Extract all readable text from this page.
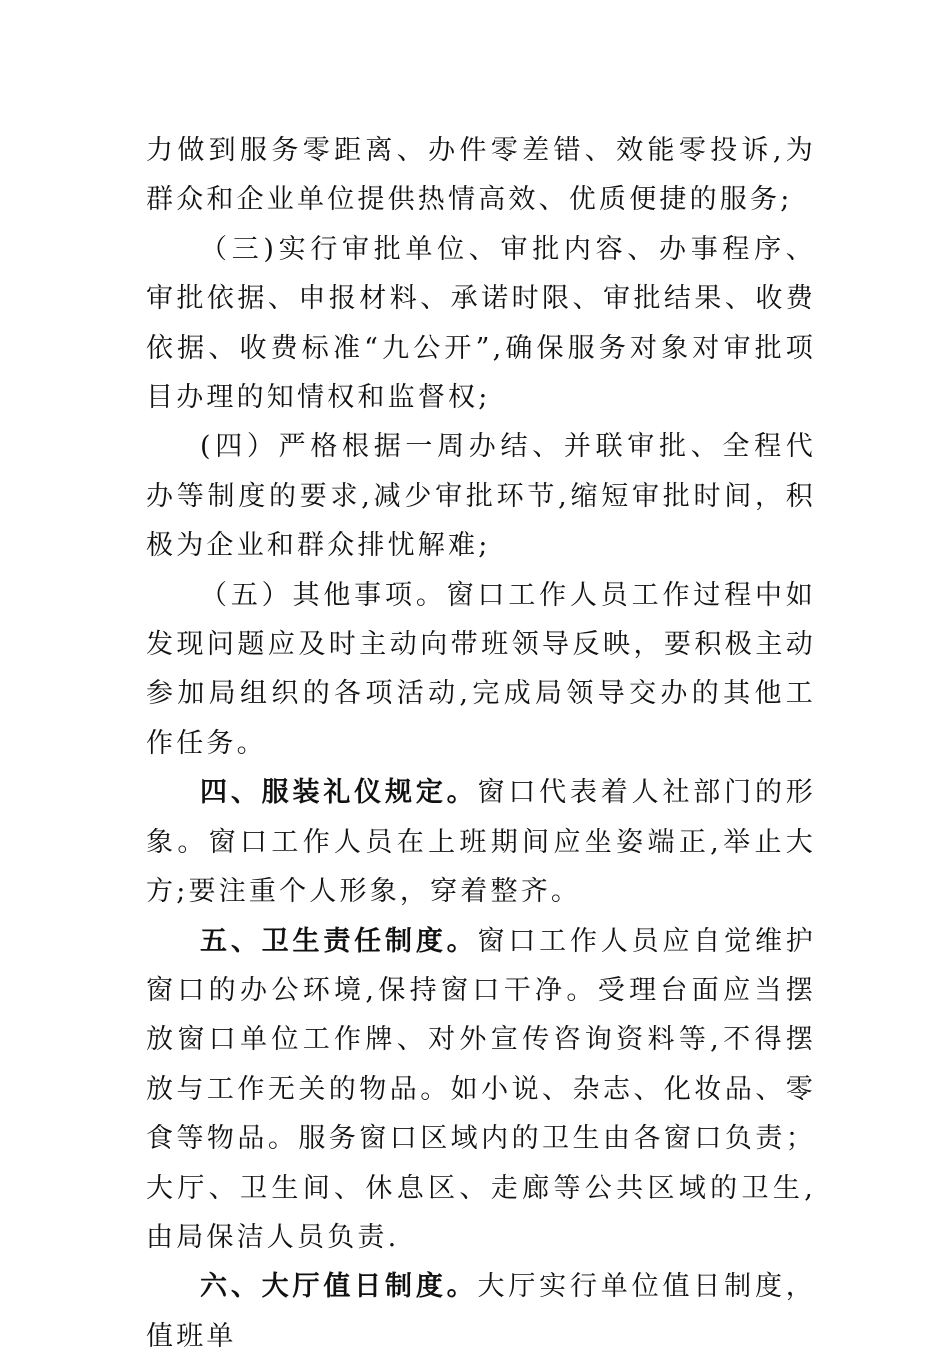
力做到服务零距离、办件零差错、效能零投诉,为群众和企业单位提供热情高效、优质便捷的服务;

（三)实行审批单位、审批内容、办事程序、审批依据、申报材料、承诺时限、审批结果、收费依据、收费标准“九公开”,确保服务对象对审批项目办理的知情权和监督权;

(四）严格根据一周办结、并联审批、全程代办等制度的要求,减少审批环节,缩短审批时间，积极为企业和群众排忧解难;

（五）其他事项。窗口工作人员工作过程中如发现问题应及时主动向带班领导反映，要积极主动参加局组织的各项活动,完成局领导交办的其他工作任务。

四、服装礼仪规定。窗口代表着人社部门的形象。窗口工作人员在上班期间应坐姿端正,举止大方;要注重个人形象，穿着整齐。

五、卫生责任制度。窗口工作人员应自觉维护窗口的办公环境,保持窗口干净。受理台面应当摆放窗口单位工作牌、对外宣传咨询资料等,不得摆放与工作无关的物品。如小说、杂志、化妆品、零食等物品。服务窗口区域内的卫生由各窗口负责；大厅、卫生间、休息区、走廊等公共区域的卫生,由局保洁人员负责.

六、大厅值日制度。大厅实行单位值日制度，值班单
